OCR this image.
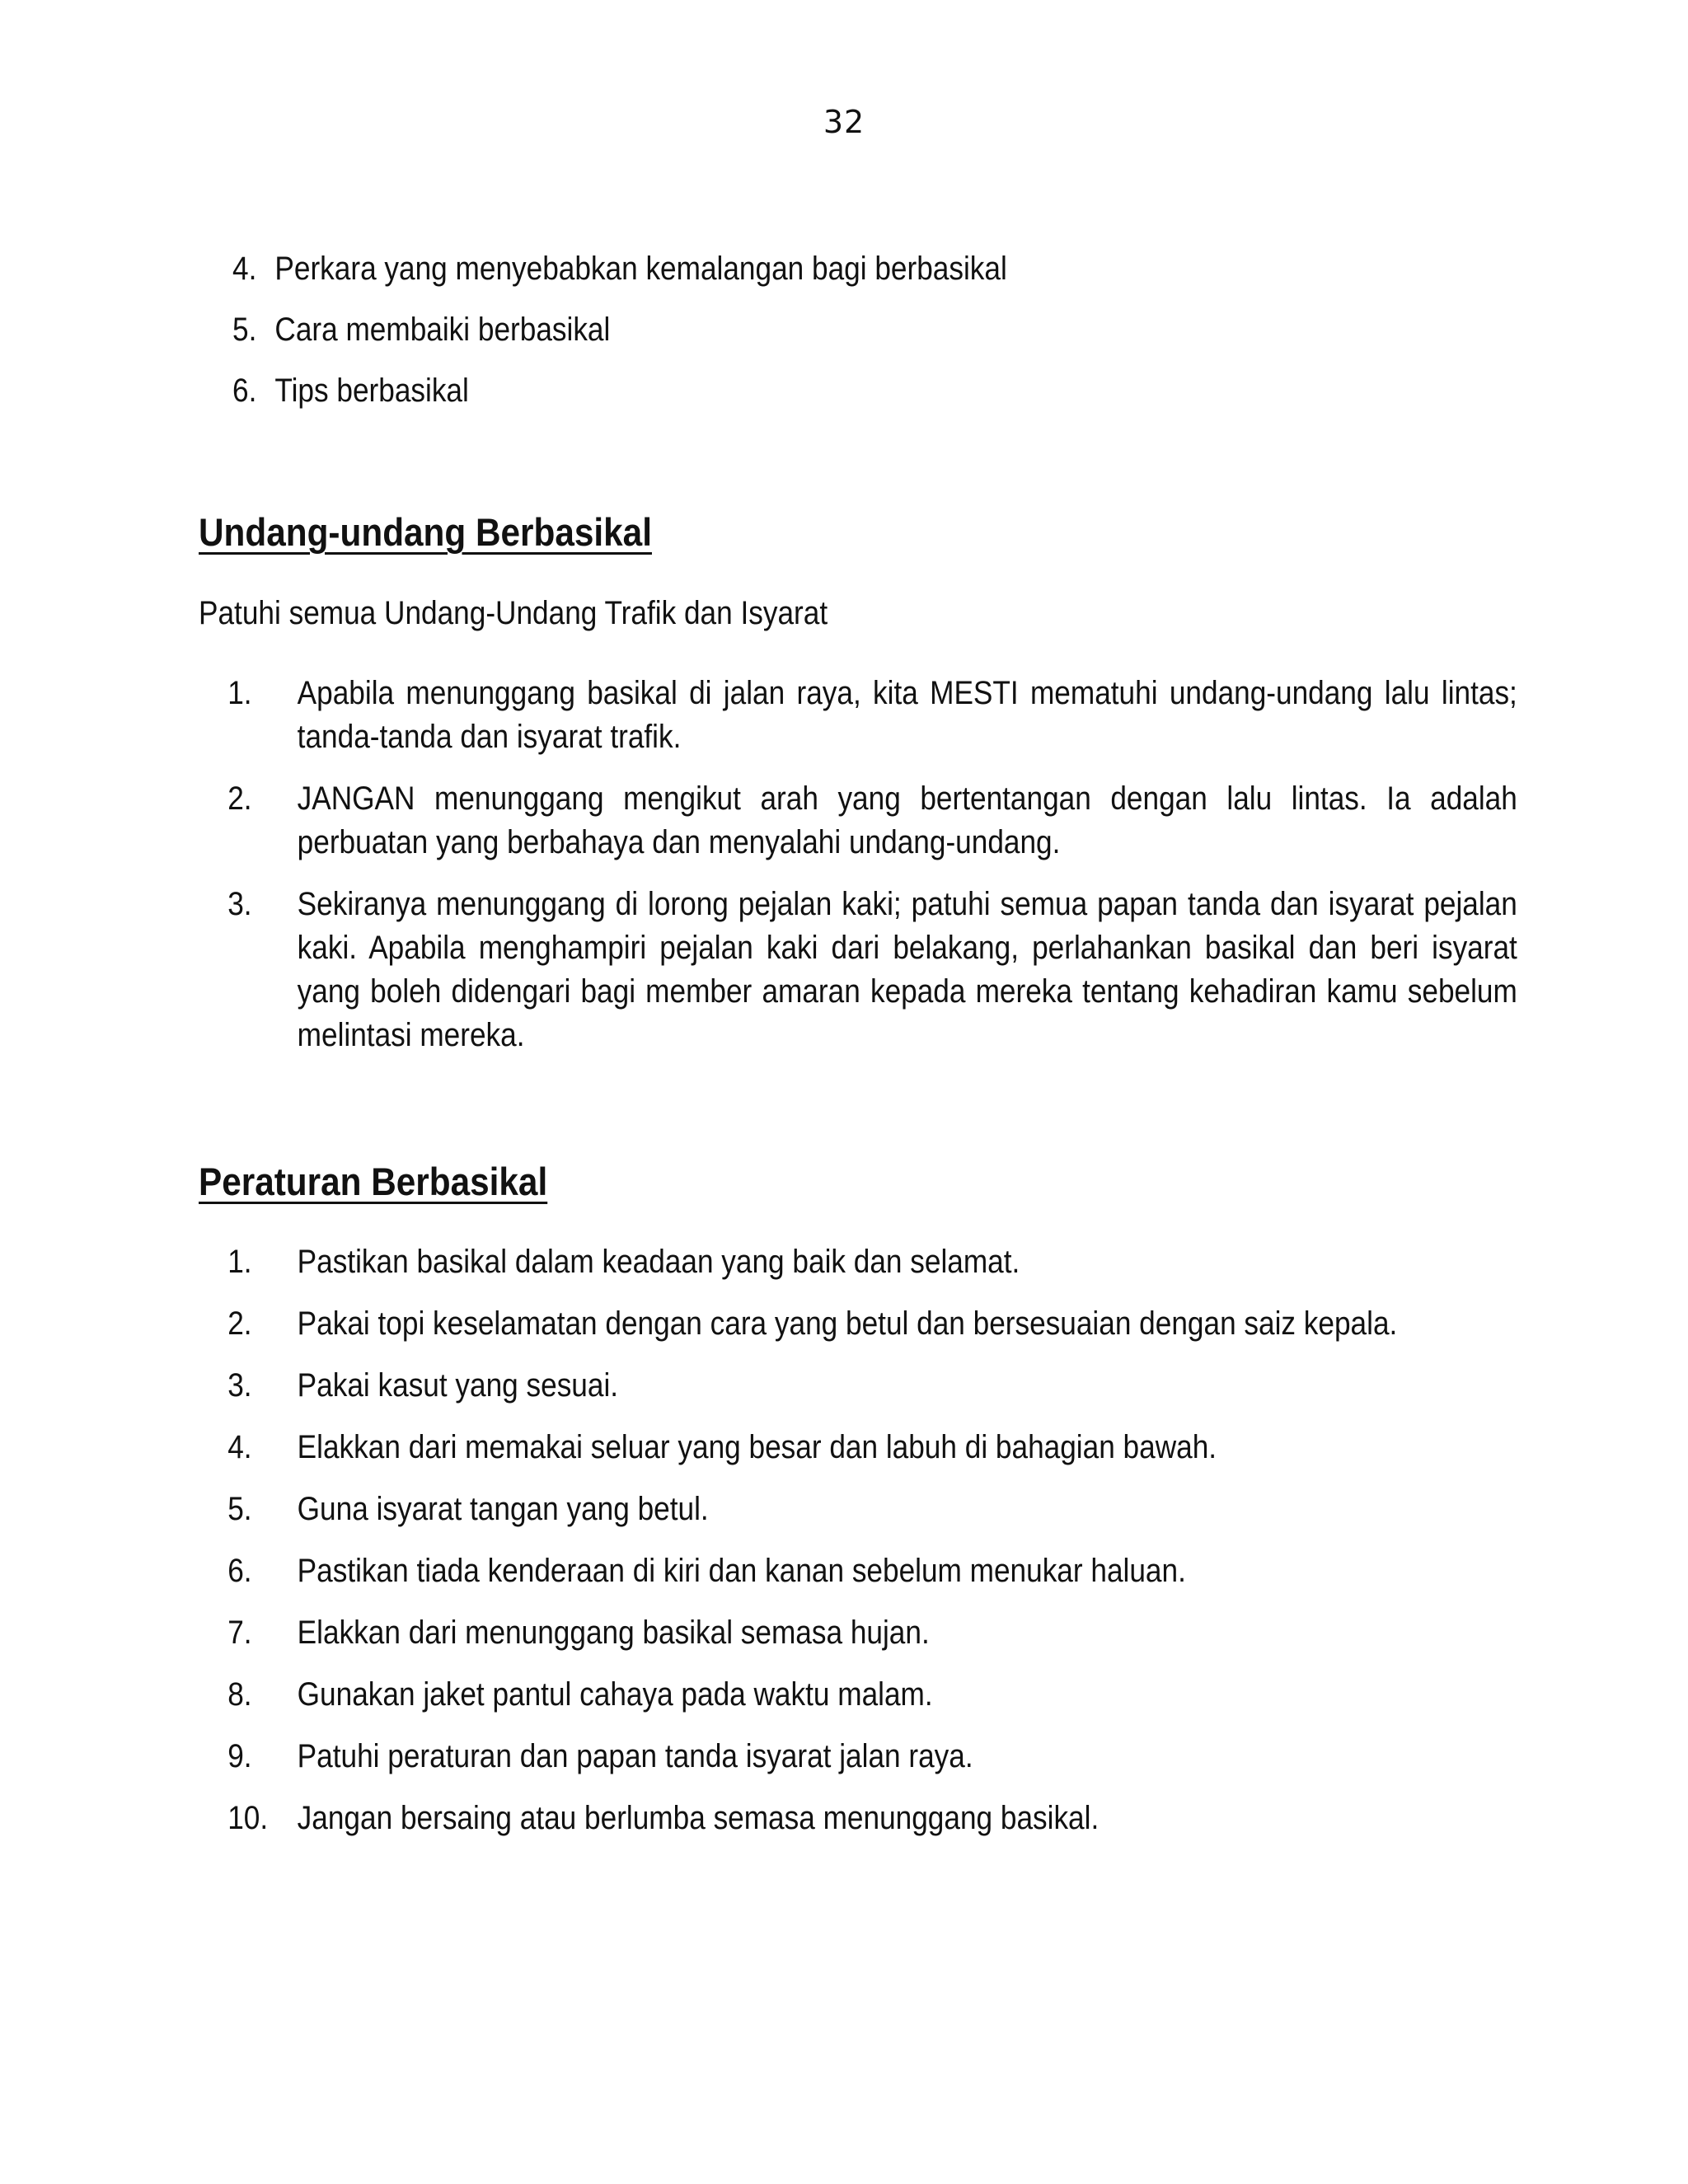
32
4. Perkara yang menyebabkan kemalangan bagi berbasikal
5. Cara membaiki berbasikal
6. Tips berbasikal
Undang-undang Berbasikal
Patuhi semua Undang-Undang Trafik dan Isyarat
1.	Apabila menunggang basikal di jalan raya, kita MESTI mematuhi undang-undang lalu lintas; tanda-tanda dan isyarat trafik.
2.	JANGAN menunggang mengikut arah yang bertentangan dengan lalu lintas. Ia adalah perbuatan yang berbahaya dan menyalahi undang-undang.
3.	Sekiranya menunggang di lorong pejalan kaki; patuhi semua papan tanda dan isyarat pejalan kaki. Apabila menghampiri pejalan kaki dari belakang, perlahankan basikal dan beri isyarat yang boleh didengari bagi member amaran kepada mereka tentang kehadiran kamu sebelum melintasi mereka.
Peraturan Berbasikal
1.	Pastikan basikal dalam keadaan yang baik dan selamat.
2.	Pakai topi keselamatan dengan cara yang betul dan bersesuaian dengan saiz kepala.
3.	Pakai kasut yang sesuai.
4.	Elakkan dari memakai seluar yang besar dan labuh di bahagian bawah.
5.	Guna isyarat tangan yang betul.
6.	Pastikan tiada kenderaan di kiri dan kanan sebelum menukar haluan.
7.	Elakkan dari menunggang basikal semasa hujan.
8.	Gunakan jaket pantul cahaya pada waktu malam.
9.	Patuhi peraturan dan papan tanda isyarat jalan raya.
10. Jangan bersaing atau berlumba semasa menunggang basikal.
